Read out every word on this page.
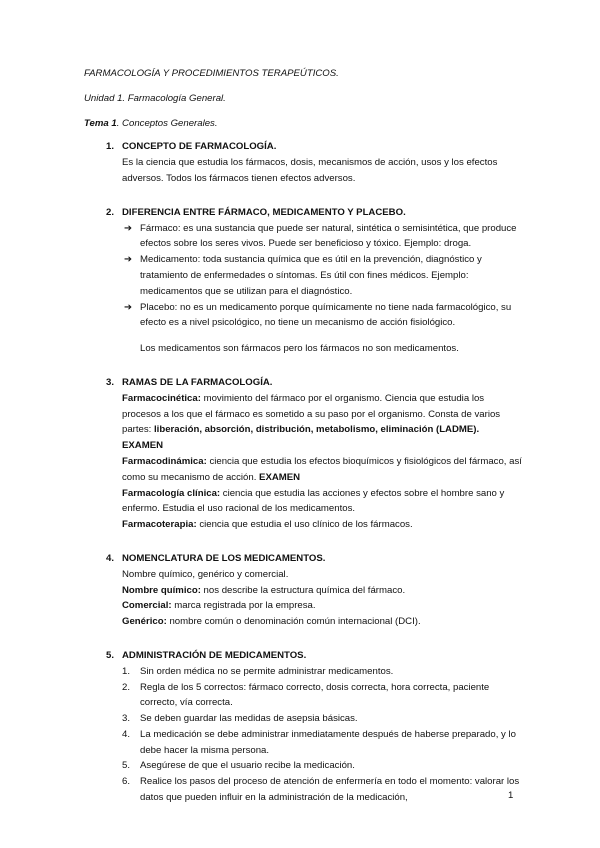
FARMACOLOGÍA Y PROCEDIMIENTOS TERAPEÚTICOS.

Unidad 1. Farmacología General.

Tema 1. Conceptos Generales.

1. CONCEPTO DE FARMACOLOGÍA.

Es la ciencia que estudia los fármacos, dosis, mecanismos de acción, usos y los efectos adversos. Todos los fármacos tienen efectos adversos.

2. DIFERENCIA ENTRE FÁRMACO, MEDICAMENTO Y PLACEBO.

➔ Fármaco: es una sustancia que puede ser natural, sintética o semisintética, que produce efectos sobre los seres vivos. Puede ser beneficioso y tóxico. Ejemplo: droga.

➔ Medicamento: toda sustancia química que es útil en la prevención, diagnóstico y tratamiento de enfermedades o síntomas. Es útil con fines médicos. Ejemplo: medicamentos que se utilizan para el diagnóstico.

➔ Placebo: no es un medicamento porque químicamente no tiene nada farmacológico, su efecto es a nivel psicológico, no tiene un mecanismo de acción fisiológico.

Los medicamentos son fármacos pero los fármacos no son medicamentos.

3. RAMAS DE LA FARMACOLOGÍA.

Farmacocinética: movimiento del fármaco por el organismo. Ciencia que estudia los procesos a los que el fármaco es sometido a su paso por el organismo. Consta de varios partes: liberación, absorción, distribución, metabolismo, eliminación (LADME).

EXAMEN

Farmacodinámica: ciencia que estudia los efectos bioquímicos y fisiológicos del fármaco, así como su mecanismo de acción. EXAMEN

Farmacología clínica: ciencia que estudia las acciones y efectos sobre el hombre sano y enfermo. Estudia el uso racional de los medicamentos.

Farmacoterapia: ciencia que estudia el uso clínico de los fármacos.

4. NOMENCLATURA DE LOS MEDICAMENTOS.

Nombre químico, genérico y comercial.

Nombre químico: nos describe la estructura química del fármaco.

Comercial: marca registrada por la empresa.

Genérico: nombre común o denominación común internacional (DCI).

5. ADMINISTRACIÓN DE MEDICAMENTOS.

1. Sin orden médica no se permite administrar medicamentos.

2. Regla de los 5 correctos: fármaco correcto, dosis correcta, hora correcta, paciente correcto, vía correcta.

3. Se deben guardar las medidas de asepsia básicas.

4. La medicación se debe administrar inmediatamente después de haberse preparado, y lo debe hacer la misma persona.

5. Asegúrese de que el usuario recibe la medicación.

6. Realice los pasos del proceso de atención de enfermería en todo el momento: valorar los datos que pueden influir en la administración de la medicación,	1
